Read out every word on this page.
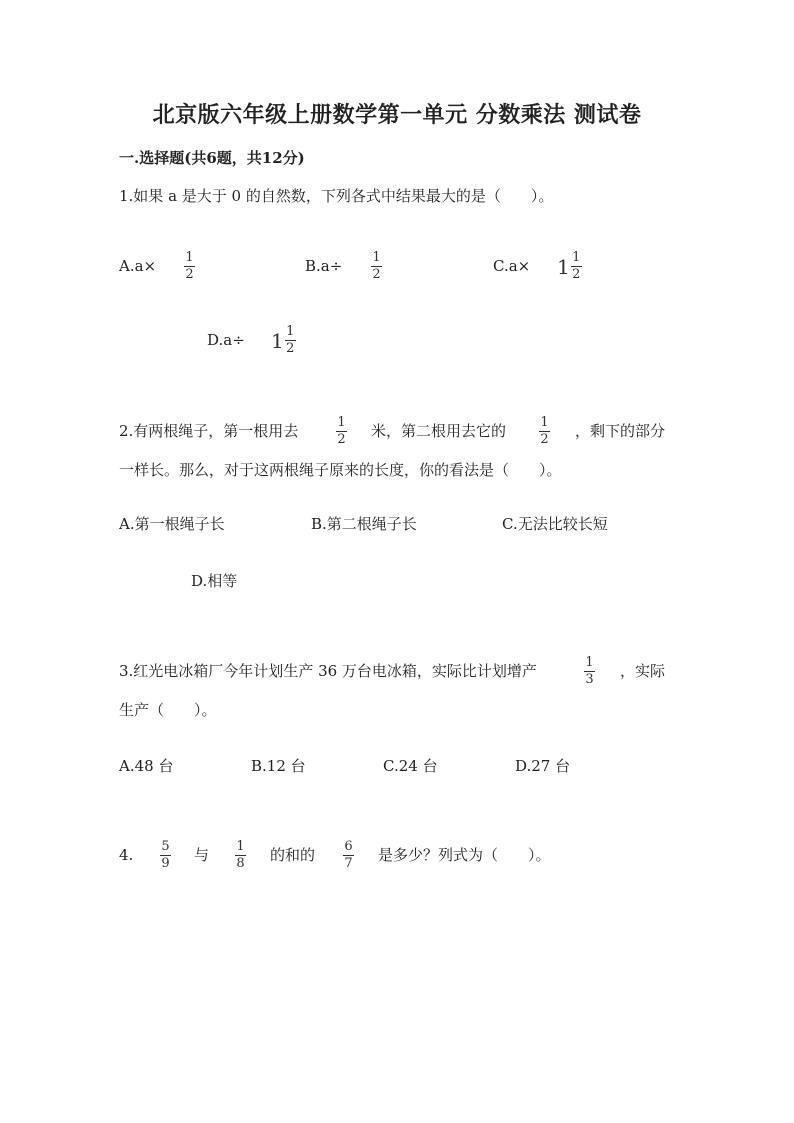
北京版六年级上册数学第一单元 分数乘法 测试卷
一.选择题(共6题，共12分)
1.如果 a 是大于 0 的自然数，下列各式中结果最大的是（　　）。
A.a× 1
2	B.a÷ 1
2	$C.a\times 1 \frac{1}{2}$
$D.a\div 1 \frac{1}{2}$
2.有两根绳子，第一根用去	1
2 米，第二根用去它的	1
2 ，剩下的部分
一样长。那么，对于这两根绳子原来的长度，你的看法是（　　）。
A.第一根绳子长	B.第二根绳子长	C.无法比较长短
D.相等
3.红光电冰箱厂今年计划生产 36 万台电冰箱，实际比计划增产	1
3 ，实际
生产（　　）。
A.48 台	B.12 台	C.24 台	D.27 台
4. 5
9 与 1
8 的和的 6
7 是多少？列式为（　　）。
